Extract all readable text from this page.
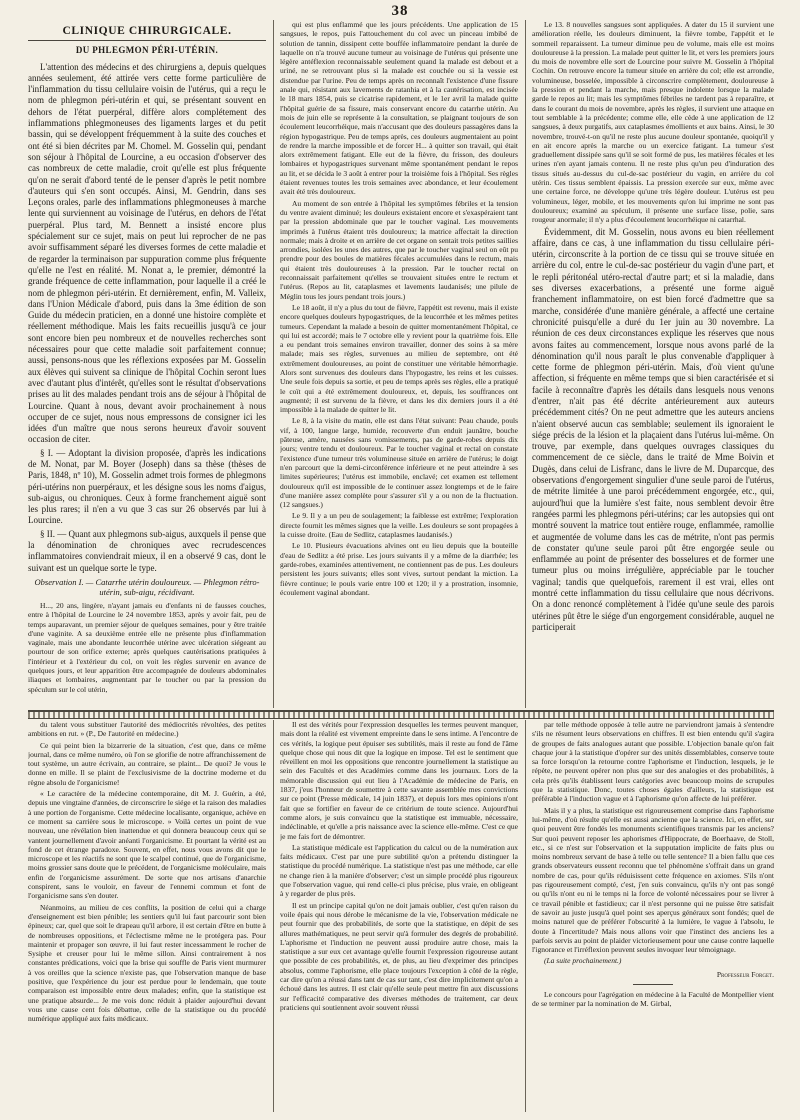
38
CLINIQUE CHIRURGICALE.
DU PHLEGMON PÉRI-UTÉRIN.

L'attention des médecins et des chirurgiens a, depuis quelques années seulement, été attirée vers cette forme particulière de l'inflammation du tissu cellulaire voisin de l'utérus, qui a reçu le nom de phlegmon péri-utérin et qui, se présentant souvent en dehors de l'état puerpéral, diffère alors complétement des inflammations phlegmoneuses des ligaments larges et du petit bassin, qui se développent fréquemment à la suite des couches et ont été si bien décrites par M. Chomel. M. Gosselin qui, pendant son séjour à l'hôpital de Lourcine, a eu occasion d'observer des cas nombreux de cette maladie, croit qu'elle est plus fréquente qu'on ne serait d'abord tenté de le penser d'après le petit nombre d'auteurs qui s'en sont occupés. Ainsi, M. Gendrin, dans ses Leçons orales, parle des inflammations phlegmoneuses à marche lente qui surviennent au voisinage de l'utérus, en dehors de l'état puerpéral. Plus tard, M. Bennett a insisté encore plus spécialement sur ce sujet, mais on peut lui reprocher de ne pas avoir suffisamment séparé les diverses formes de cette maladie et de regarder la terminaison par suppuration comme plus fréquente qu'elle ne l'est en réalité. M. Nonat a, le premier, démontré la grande fréquence de cette inflammation, pour laquelle il a créé le nom de phlegmon péri-utérin. Et dernièrement, enfin, M. Valleix, dans l'Union Médicale d'abord, puis dans la 3me édition de son Guide du médecin praticien, en a donné une histoire complète et réellement méthodique. Mais les faits recueillis jusqu'à ce jour sont encore bien peu nombreux et de nouvelles recherches sont nécessaires pour que cette maladie soit parfaitement connue; aussi, pensons-nous que les réflexions exposées par M. Gosselin aux élèves qui suivent sa clinique de l'hôpital Cochin seront lues avec d'autant plus d'intérêt, qu'elles sont le résultat d'observations prises au lit des malades pendant trois ans de séjour à l'hôpital de Lourcine. Quant à nous, devant avoir prochainement à nous occuper de ce sujet, nous nous empressons de consigner ici les idées d'un maître que nous serons heureux d'avoir souvent occasion de citer.

§ I. — Adoptant la division proposée, d'après les indications de M. Nonat, par M. Boyer (Joseph) dans sa thèse (thèses de Paris, 1848, nº 10), M. Gosselin admet trois formes de phlegmons péri-utérins non puerpéraux, et les désigne sous les noms d'aigus, sub-aigus, ou chroniques. Ceux à forme franchement aiguë sont les plus rares; il n'en a vu que 3 cas sur 26 observés par lui à Lourcine.

§ II. — Quant aux phlegmons sub-aigus, auxquels il pense que la dénomination de chroniques avec recrudescences inflammatoires conviendrait mieux, il en a observé 9 cas, dont le suivant est un quelque sorte le type.

Observation I. — Catarrhe utérin douloureux. — Phlegmon rétro-utérin, sub-aigu, récidivant.

H..., 20 ans, lingère, n'ayant jamais eu d'enfants ni de fausses couches, entre à l'hôpital de Lourcine le 24 novembre 1853, après y avoir fait, peu de temps auparavant, un premier séjour de quelques semaines, pour y être traitée d'une vaginite. A sa deuxième entrée elle ne présente plus d'inflammation vaginale, mais une abondante leucorrhée utérine avec ulcération siégeant au pourtour de son orifice externe; après quelques cautérisations pratiquées à l'intérieur et à l'extérieur du col, on voit les règles survenir en avance de quelques jours, et leur apparition être accompagnée de douleurs abdominales iliaques et lombaires, augmentant par le toucher ou par la pression du spéculum sur le col utérin,

qui est plus enflammé que les jours précédents. Une application de 15 sangsues, le repos, puis l'attouchement du col avec un pinceau imbibé de solution de tannin, dissipent cette bouffée inflammatoire pendant la durée de laquelle on n'a trouvé aucune tumeur au voisinage de l'utérus qui présente une légère antéflexion reconnaissable seulement quand la malade est debout et a uriné, ne se retrouvant plus si la malade est couchée ou si la vessie est distendue par l'urine. Peu de temps après on reconnaît l'existence d'une fissure anale qui, résistant aux lavements de ratanhia et à la cautérisation, est incisée le 18 mars 1854, puis se cicatrise rapidement, et le 1er avril la malade quitte l'hôpital guérie de sa fissure, mais conservant encore du catarrhe utérin. Au mois de juin elle se représente à la consultation, se plaignant toujours de son écoulement leucorrhéique, mais n'accusant que des douleurs passagères dans la région hypogastrique. Peu de temps après, ces douleurs augmentaient au point de rendre la marche impossible et de forcer H... à quitter son travail, qui était alors extrêmement fatigant. Elle eut de la fièvre, du frisson, des douleurs lombaires et hypogastriques survenant même spontanément pendant le repos au lit, et se décida le 3 août à entrer pour la troisième fois à l'hôpital. Ses règles étaient revenues toutes les trois semaines avec abondance, et leur écoulement avait été très douloureux.

Au moment de son entrée à l'hôpital les symptômes fébriles et la tension du ventre avaient diminué; les douleurs existaient encore et s'exaspéraient tant par la pression abdominale que par le toucher vaginal. Les mouvements imprimés à l'utérus étaient très douloureux; la matrice affectait la direction normale; mais à droite et en arrière de cet organe on sentait trois petites saillies arrondies, isolées les unes des autres, que par le toucher vaginal seul on eût pu prendre pour des boules de matières fécales accumulées dans le rectum, mais qui étaient très douloureuses à la pression. Par le toucher rectal on reconnaissait parfaitement qu'elles se trouvaient situées entre le rectum et l'utérus. (Repos au lit, cataplasmes et lavements laudanisés; une pilule de Méglin tous les jours pendant trois jours.)

Le 18 août, il n'y a plus du tout de fièvre, l'appétit est revenu, mais il existe encore quelques douleurs hypogastriques, de la leucorrhée et les mêmes petites tumeurs. Cependant la malade a besoin de quitter momentanément l'hôpital, ce qui lui est accordé; mais le 7 octobre elle y revient pour la quatrième fois. Elle a eu pendant trois semaines environ travailler, donner des soins à sa mère malade; mais ses règles, survenues au milieu de septembre, ont été extrêmement douloureuses, au point de constituer une véritable hémorrhagie. Alors sont survenues des douleurs dans l'hypogastre, les reins et les cuisses. Une seule fois depuis sa sortie, et peu de temps après ses règles, elle a pratiqué le coït qui a été extrêmement douloureux, et, depuis, les souffrances ont augmenté; il est survenu de la fièvre, et dans les dix derniers jours il a été impossible à la malade de quitter le lit.

Le 8, à la visite du matin, elle est dans l'état suivant: Peau chaude, pouls vif, à 100, langue large, humide, recouverte d'un enduit jaunâtre, bouche pâteuse, amère, nausées sans vomissements, pas de garde-robes depuis dix jours; ventre tendu et douloureux. Par le toucher vaginal et rectal on constate l'existence d'une tumeur très volumineuse située en arrière de l'utérus; le doigt n'en parcourt que la demi-circonférence inférieure et ne peut atteindre à ses limites supérieures; l'utérus est immobile, enclavé; cet examen est tellement douloureux qu'il est impossible de le continuer assez longtemps et de le faire d'une manière assez complète pour s'assurer s'il y a ou non de la fluctuation. (12 sangsues.)

Le 9. Il y a un peu de soulagement; la faiblesse est extrême; l'exploration directe fournit les mêmes signes que la veille. Les douleurs se sont propagées à la cuisse droite. (Eau de Sedlitz, cataplasmes laudanisés.)

Le 10. Plusieurs évacuations alvines ont eu lieu depuis que la bouteille d'eau de Sedlitz a été prise. Les jours suivants il y a même de la diarrhée; les garde-robes, examinées attentivement, ne contiennent pas de pus. Les douleurs persistent les jours suivants; elles sont vives, surtout pendant la miction. La fièvre continue; le pouls varie entre 100 et 120; il y a prostration, insomnie, écoulement vaginal abondant.

Le 13. 8 nouvelles sangsues sont appliquées. A dater du 15 il survient une amélioration réelle, les douleurs diminuent, la fièvre tombe, l'appétit et le sommeil reparaissent. La tumeur diminue peu de volume, mais elle est moins douloureuse à la pression. La malade peut quitter le lit, et vers les premiers jours du mois de novembre elle sort de Lourcine pour suivre M. Gosselin à l'hôpital Cochin. On retrouve encore la tumeur située en arrière du col; elle est arrondie, volumineuse, bosselée, impossible à circonscrire complètement, douloureuse à la pression et pendant la marche, mais presque indolente lorsque la malade garde le repos au lit; mais les symptômes fébriles ne tardent pas à reparaître, et dans le courant du mois de novembre, après les règles, il survient une attaque en tout semblable à la précédente; comme elle, elle cède à une application de 12 sangsues, à deux purgatifs, aux cataplasmes émollients et aux bains. Ainsi, le 30 novembre, trouvé-t-on qu'il ne reste plus aucune douleur spontanée, quoiqu'il y en ait encore après la marche ou un exercice fatigant. La tumeur s'est graduellement dissipée sans qu'il se soit formé de pus, les matières fécales et les urines n'en ayant jamais contenu. Il ne reste plus qu'un peu d'induration des tissus situés au-dessus du cul-de-sac postérieur du vagin, en arrière du col utérin. Ces tissus semblent épaissis. La pression exercée sur eux, même avec une certaine force, ne développe qu'une très légère douleur. L'utérus est peu volumineux, léger, mobile, et les mouvements qu'on lui imprime ne sont pas douloureux; examiné au spéculum, il présente une surface lisse, polie, sans rougeur anormale; il n'y a plus d'écoulement leucorrhéique ni catarrhal.

Évidemment, dit M. Gosselin, nous avons eu bien réellement affaire, dans ce cas, à une inflammation du tissu cellulaire péri-utérin, circonscrite à la portion de ce tissu qui se trouve située en arrière du col, entre le cul-de-sac postérieur du vagin d'une part, et le repli péritonéal utéro-rectal d'autre part; et si la maladie, dans ses diverses exacerbations, a présenté une forme aiguë franchement inflammatoire, on est bien forcé d'admettre que sa marche, considérée d'une manière générale, a affecté une certaine chronicité puisqu'elle a duré du 1er juin au 30 novembre. La réunion de ces deux circonstances explique les réserves que nous avons faites au commencement, lorsque nous avons parlé de la dénomination qu'il nous paraît le plus convenable d'appliquer à cette forme de phlegmon péri-utérin. Mais, d'où vient qu'une affection, si fréquente en même temps que si bien caractérisée et si facile à reconnaître d'après les détails dans lesquels nous venons d'entrer, n'ait pas été décrite antérieurement aux auteurs précédemment cités? On ne peut admettre que les auteurs anciens n'aient observé aucun cas semblable; seulement ils ignoraient le siége précis de la lésion et la plaçaient dans l'utérus lui-même. On trouve, par exemple, dans quelques ouvrages classiques du commencement de ce siècle, dans le traité de Mme Boivin et Dugès, dans celui de Lisfranc, dans le livre de M. Duparcque, des observations d'engorgement singulier d'une seule paroi de l'utérus, de métrite limitée à une paroi précédemment engorgée, etc., qui, aujourd'hui que la lumière s'est faite, nous semblent devoir être rangées parmi les phlegmons péri-utérins; car les autopsies qui ont montré souvent la matrice tout entière rouge, enflammée, ramollie et augmentée de volume dans les cas de métrite, n'ont pas permis de constater qu'une seule paroi pût être engorgée seule ou enflammée au point de présenter des bosselures et de former une tumeur plus ou moins irrégulière, appréciable par le toucher vaginal; tandis que quelquefois, rarement il est vrai, elles ont montré cette inflammation du tissu cellulaire que nous décrivons. On a donc renoncé complètement à l'idée qu'une seule des parois utérines pût être le siége d'un engorgement considérable, auquel ne participerait

du talent vous substituer l'autorité des médiocrités révoltées, des petites ambitions en rut. » (P., De l'autorité en médecine.)

Ce qui peint bien la bizarrerie de la situation, c'est que, dans ce même journal, dans ce même numéro, où l'on se glorifie de notre affranchissement de tout système, un autre écrivain, au contraire, se plaint... De quoi? Je vous le donne en mille. Il se plaint de l'exclusivisme de la doctrine moderne et du règne absolu de l'organicisme!

« Le caractère de la médecine contemporaine, dit M. J. Guérin, a été, depuis une vingtaine d'années, de circonscrire le siége et la raison des maladies à une portion de l'organisme. Cette médecine localisante, organique, achève en ce moment sa carrière sous le microscope. » Voilà certes un point de vue nouveau, une révélation bien inattendue et qui donnera beaucoup ceux qui se vantent journellement d'avoir anéanti l'organicisme. Et pourtant la vérité est au fond de cet étrange paradoxe. Souvent, en effet, nous vous avons dit que le microscope et les réactifs ne sont que le scalpel continué, que de l'organicisme, moins grossier sans doute que le précédent, de l'organicisme moléculaire, mais enfin de l'organicisme assurément. De sorte que nos artisans d'anarchie conspirent, sans le vouloir, en faveur de l'ennemi commun et font de l'organicisme sans s'en douter.

Néanmoins, au milieu de ces conflits, la position de celui qui a charge d'enseignement est bien pénible; les sentiers qu'il lui faut parcourir sont bien épineux; car, quel que soit le drapeau qu'il arbore, il est certain d'être en butte à de nombreuses oppositions, et l'éclectisme même ne le protégera pas. Pour maintenir et propager son œuvre, il lui faut rester incessamment le rocher de Sysiphe et creuser pour lui le même sillon. Ainsi contrairement à nos constantes prédications, voici que la brise qui souffle de Paris vient murmurer à vos oreilles que la science n'existe pas, que l'observation manque de base positive, que l'expérience du jour est perdue pour le lendemain, que toute comparaison est impossible entre deux malades; enfin, que la statistique est une pratique absurde... Je me vois donc réduit à plaider aujourd'hui devant vous une cause cent fois débattue, celle de la statistique ou du procédé numérique appliqué aux faits médicaux.

Il est des vérités pour l'expression desquelles les termes peuvent manquer, mais dont la réalité est vivement empreinte dans le sens intime. A l'encontre de ces vérités, la logique peut épuiser ses subtilités, mais il reste au fond de l'âme quelque chose qui nous dit que la logique en impose. Tel est le sentiment que réveillent en moi les oppositions que rencontre journellement la statistique au sein des Facultés et des Académies comme dans les journaux. Lors de la mémorable discussion qui eut lieu à l'Académie de médecine de Paris, en 1837, j'eus l'honneur de soumettre à cette savante assemblée mes convictions sur ce point (Presse médicale, 14 juin 1837), et depuis lors mes opinions n'ont fait que se fortifier en faveur de ce critérium de toute science. Aujourd'hui comme alors, je suis convaincu que la statistique est immuable, nécessaire, indéclinable, et qu'elle a pris naissance avec la science elle-même. C'est ce que je me fais fort de démontrer.

La statistique médicale est l'application du calcul ou de la numération aux faits médicaux. C'est par une pure subtilité qu'on a prétendu distinguer la statistique du procédé numérique. La statistique n'est pas une méthode, car elle ne change rien à la manière d'observer; c'est un simple procédé plus rigoureux que l'observation vague, qui rend celle-ci plus précise, plus vraie, en obligeant à y regarder de plus près.

Il est un principe capital qu'on ne doit jamais oublier, c'est qu'en raison du voile épais qui nous dérobe le mécanisme de la vie, l'observation médicale ne peut fournir que des probabilités, de sorte que la statistique, en dépit de ses allures mathématiques, ne peut servir qu'à formuler des degrés de probabilité. L'aphorisme et l'induction ne peuvent aussi produire autre chose, mais la statistique a sur eux cet avantage qu'elle fournit l'expression rigoureuse autant que possible de ces probabilités, et, de plus, au lieu d'exprimer des principes absolus, comme l'aphorisme, elle place toujours l'exception à côté de la règle, car dire qu'on a réussi dans tant de cas sur tant, c'est dire implicitement qu'on a échoué dans les autres. Il est clair qu'elle seule peut mettre fin aux discussions sur l'efficacité comparative des diverses méthodes de traitement, car deux praticiens qui soutiennent avoir souvent réussi

par telle méthode opposée à telle autre ne parviendront jamais à s'entendre s'ils ne résument leurs observations en chiffres. Il est bien entendu qu'il s'agira de groupes de faits analogues autant que possible. L'objection banale qu'on fait chaque jour à la statistique d'opérer sur des unités dissemblables, conserve toute sa force lorsqu'on la retourne contre l'aphorisme et l'induction, lesquels, je le répète, ne peuvent opérer non plus que sur des analogies et des probabilités, à cela près qu'ils établissent leurs catégories avec beaucoup moins de scrupules que la statistique. Donc, toutes choses égales d'ailleurs, la statistique est préférable à l'induction vague et à l'aphorisme qu'on affecte de lui préférer.

Mais il y a plus, la statistique est rigoureusement comprise dans l'aphorisme lui-même, d'où résulte qu'elle est aussi ancienne que la science. Ici, en effet, sur quoi peuvent être fondés les monuments scientifiques transmis par les anciens? Sur quoi peuvent reposer les aphorismes d'Hippocrate, de Boerhaave, de Stoll, etc., si ce n'est sur l'observation et la supputation implicite de faits plus ou moins nombreux servant de base à telle ou telle sentence? Il a bien fallu que ces grands observateurs eussent reconnu que tel phénomène s'offrait dans un grand nombre de cas, pour qu'ils réduisissent cette fréquence en axiomes. S'ils n'ont pas rigoureusement compté, c'est, j'en suis convaincu, qu'ils n'y ont pas songé ou qu'ils n'ont eu ni le temps ni la force de volonté nécessaires pour se livrer à ce travail pénible et fastidieux; car il n'est personne qui ne puisse être satisfait de savoir au juste jusqu'à quel point ses aperçus généraux sont fondés; quel de moins naturel que de préférer l'obscurité à la lumière, le vague à l'absolu, le doute à l'incertitude? Mais nous allons voir que l'instinct des anciens les a parfois servis au point de plaider victorieusement pour une cause contre laquelle l'ignorance et l'irréflexion peuvent seules invoquer leur témoignage.

(La suite prochainement.)

Professeur Forget.

Le concours pour l'agrégation en médecine à la Faculté de Montpellier vient de se terminer par la nomination de M. Girbal,
